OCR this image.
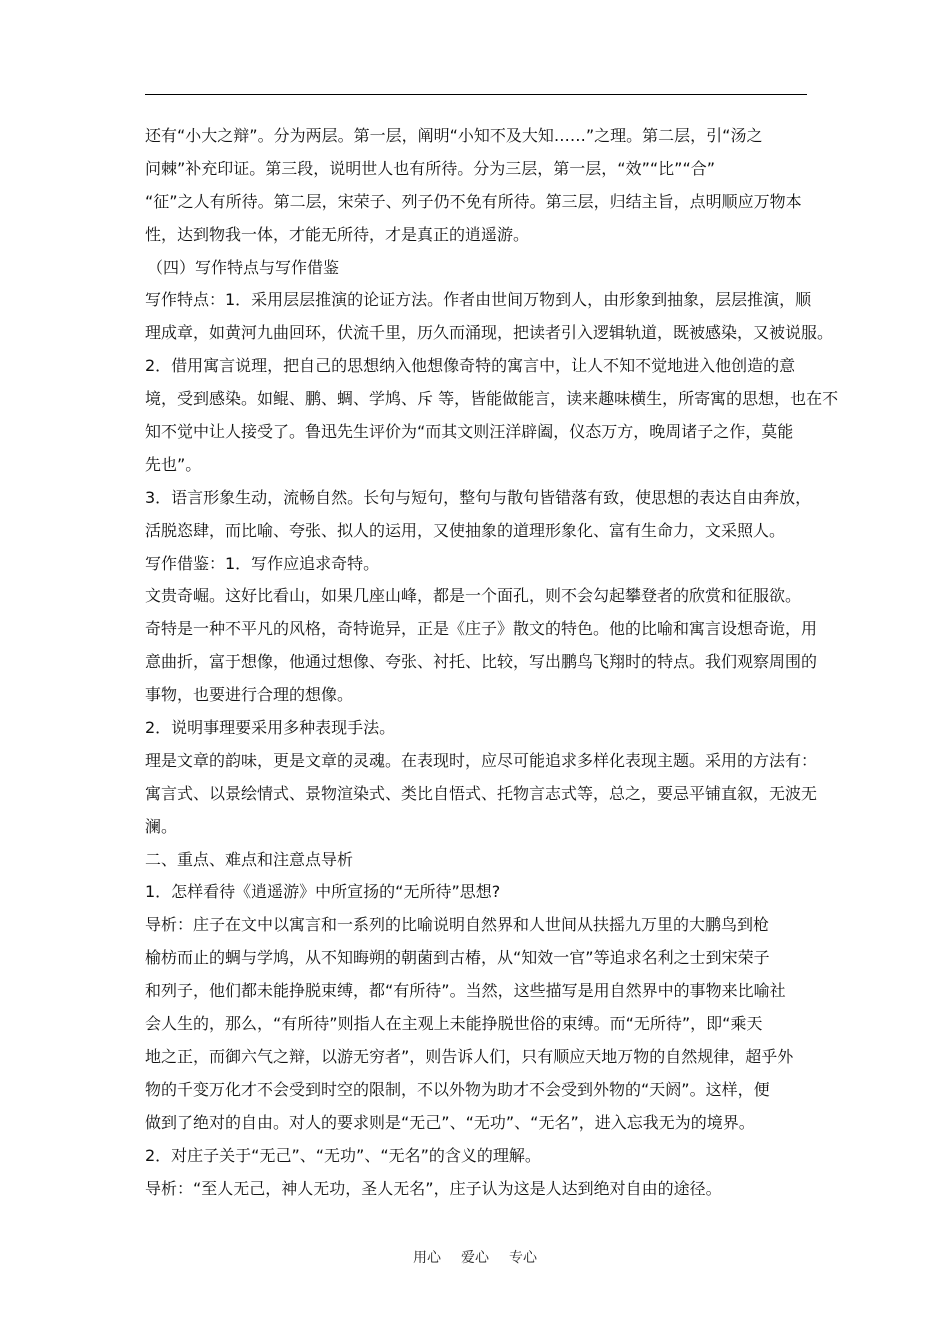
还有“小大之辩”。分为两层。第一层，阐明“小知不及大知……”之理。第二层，引“汤之
问棘”补充印证。第三段，说明世人也有所待。分为三层，第一层，“效”“比”“合”
“征”之人有所待。第二层，宋荣子、列子仍不免有所待。第三层，归结主旨，点明顺应万物本
性，达到物我一体，才能无所待，才是真正的逍遥游。
（四）写作特点与写作借鉴
写作特点：1．采用层层推演的论证方法。作者由世间万物到人，由形象到抽象，层层推演，顺
理成章，如黄河九曲回环，伏流千里，历久而涌现，把读者引入逻辑轨道，既被感染，又被说服。
2．借用寓言说理，把自己的思想纳入他想像奇特的寓言中，让人不知不觉地进入他创造的意
境，受到感染。如鲲、鹏、蜩、学鸠、斥 等，皆能做能言，读来趣味横生，所寄寓的思想，也在不
知不觉中让人接受了。鲁迅先生评价为“而其文则汪洋辟阖，仪态万方，晚周诸子之作，莫能
先也”。
3．语言形象生动，流畅自然。长句与短句，整句与散句皆错落有致，使思想的表达自由奔放，
活脱恣肆，而比喻、夸张、拟人的运用，又使抽象的道理形象化、富有生命力，文采照人。
写作借鉴：1．写作应追求奇特。
文贵奇崛。这好比看山，如果几座山峰，都是一个面孔，则不会勾起攀登者的欣赏和征服欲。
奇特是一种不平凡的风格，奇特诡异，正是《庄子》散文的特色。他的比喻和寓言设想奇诡，用
意曲折，富于想像，他通过想像、夸张、衬托、比较，写出鹏鸟飞翔时的特点。我们观察周围的
事物，也要进行合理的想像。
2．说明事理要采用多种表现手法。
理是文章的韵味，更是文章的灵魂。在表现时，应尽可能追求多样化表现主题。采用的方法有：
寓言式、以景绘情式、景物渲染式、类比自悟式、托物言志式等，总之，要忌平铺直叙，无波无
澜。
二、重点、难点和注意点导析
1．怎样看待《逍遥游》中所宣扬的“无所待”思想?
导析：庄子在文中以寓言和一系列的比喻说明自然界和人世间从扶摇九万里的大鹏鸟到枪
榆枋而止的蜩与学鸠，从不知晦朔的朝菌到古椿，从“知效一官”等追求名利之士到宋荣子
和列子，他们都未能挣脱束缚，都“有所待”。当然，这些描写是用自然界中的事物来比喻社
会人生的，那么，“有所待”则指人在主观上未能挣脱世俗的束缚。而“无所待”，即“乘天
地之正，而御六气之辩，以游无穷者”，则告诉人们，只有顺应天地万物的自然规律，超乎外
物的千变万化才不会受到时空的限制，不以外物为助才不会受到外物的“天阏”。这样，便
做到了绝对的自由。对人的要求则是“无己”、“无功”、“无名”，进入忘我无为的境界。
2．对庄子关于“无己”、“无功”、“无名”的含义的理解。
导析：“至人无己，神人无功，圣人无名”，庄子认为这是人达到绝对自由的途径。
用心 爱心 专心
